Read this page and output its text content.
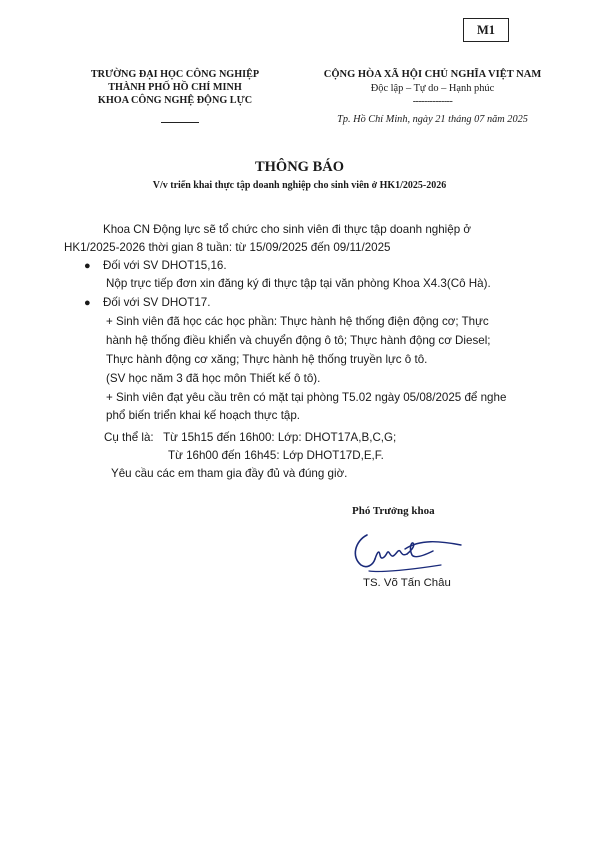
M1
TRƯỜNG ĐẠI HỌC CÔNG NGHIỆP
THÀNH PHỐ HỒ CHÍ MINH
KHOA CÔNG NGHỆ ĐỘNG LỰC
CỘNG HÒA XÃ HỘI CHỦ NGHĨA VIỆT NAM
Độc lập – Tự do – Hạnh phúc
--------------
Tp. Hồ Chí Minh, ngày 21 tháng 07 năm 2025
THÔNG BÁO
V/v triển khai thực tập doanh nghiệp cho sinh viên ở HK1/2025-2026
Khoa CN Động lực sẽ tổ chức cho sinh viên đi thực tập doanh nghiệp ở
HK1/2025-2026 thời gian 8 tuần: từ 15/09/2025 đến 09/11/2025
● Đối với SV DHOT15,16.
Nộp trực tiếp đơn xin đăng ký đi thực tập tại văn phòng Khoa X4.3(Cô Hà).
● Đối với SV DHOT17.
+ Sinh viên đã học các học phần: Thực hành hệ thống điện động cơ; Thực
hành hệ thống điều khiển và chuyển động ô tô; Thực hành động cơ Diesel;
Thực hành động cơ xăng; Thực hành hệ thống truyền lực ô tô.
(SV học năm 3 đã học môn Thiết kế ô tô).
+ Sinh viên đạt yêu cầu trên có mặt tại phòng T5.02 ngày 05/08/2025 để nghe
phổ biến triển khai kế hoạch thực tập.
Cụ thể là:   Từ 15h15 đến 16h00: Lớp: DHOT17A,B,C,G;
Từ 16h00 đến 16h45: Lớp DHOT17D,E,F.
Yêu cầu các em tham gia đầy đủ và đúng giờ.
Phó Trưởng khoa
TS. Võ Tấn Châu
